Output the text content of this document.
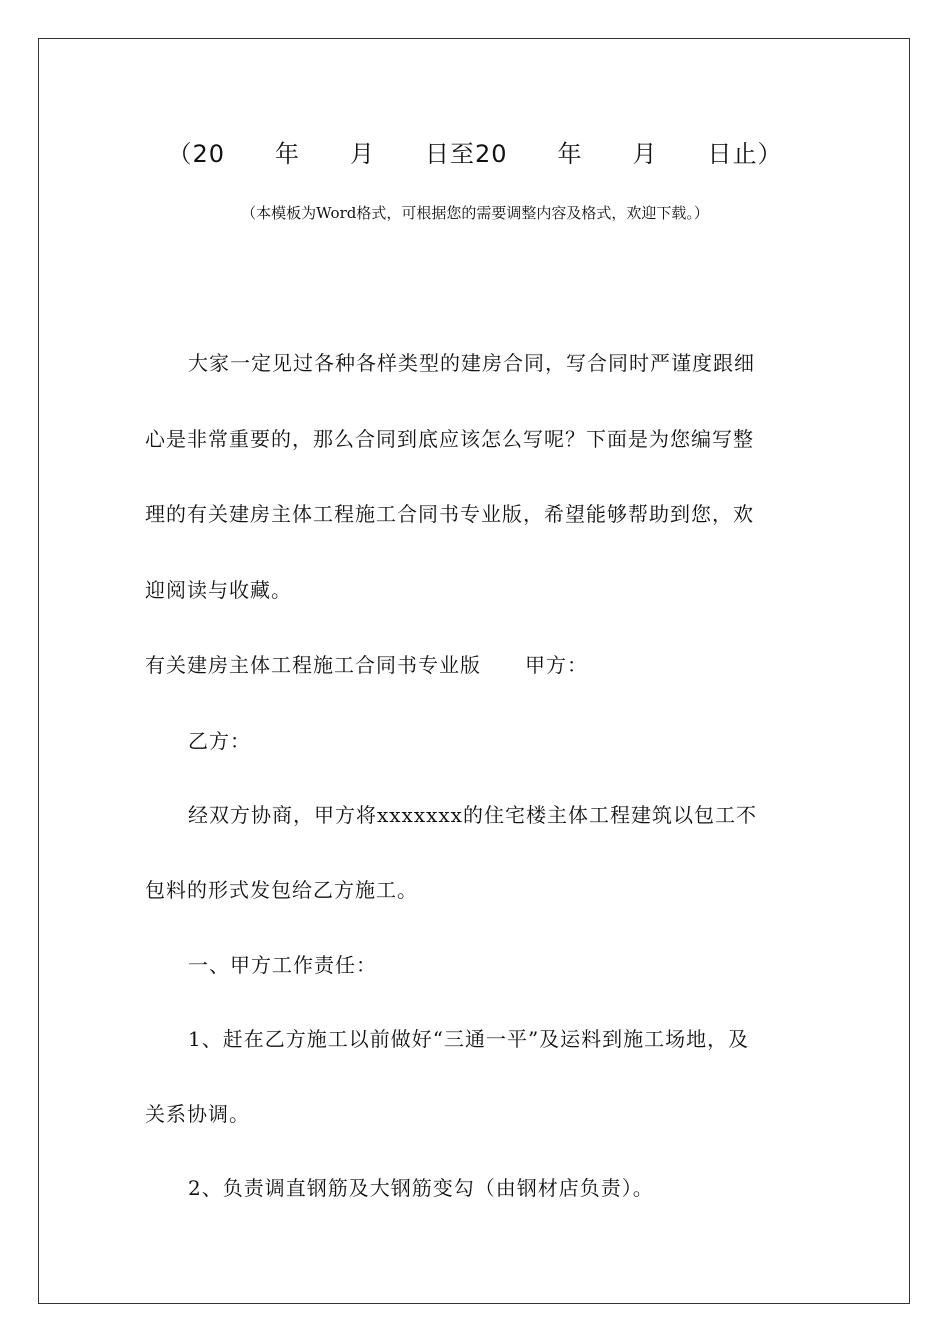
（20　　年　　月　　日至20　　年　　月　　日止）
（本模板为Word格式，可根据您的需要调整内容及格式，欢迎下载。）
大家一定见过各种各样类型的建房合同，写合同时严谨度跟细
心是非常重要的，那么合同到底应该怎么写呢？下面是为您编写整
理的有关建房主体工程施工合同书专业版，希望能够帮助到您，欢
迎阅读与收藏。
有关建房主体工程施工合同书专业版 甲方：
乙方：
经双方协商，甲方将xxxxxxx的住宅楼主体工程建筑以包工不
包料的形式发包给乙方施工。
一、甲方工作责任：
1、赶在乙方施工以前做好“三通一平”及运料到施工场地，及
关系协调。
2、负责调直钢筋及大钢筋变勾（由钢材店负责）。
